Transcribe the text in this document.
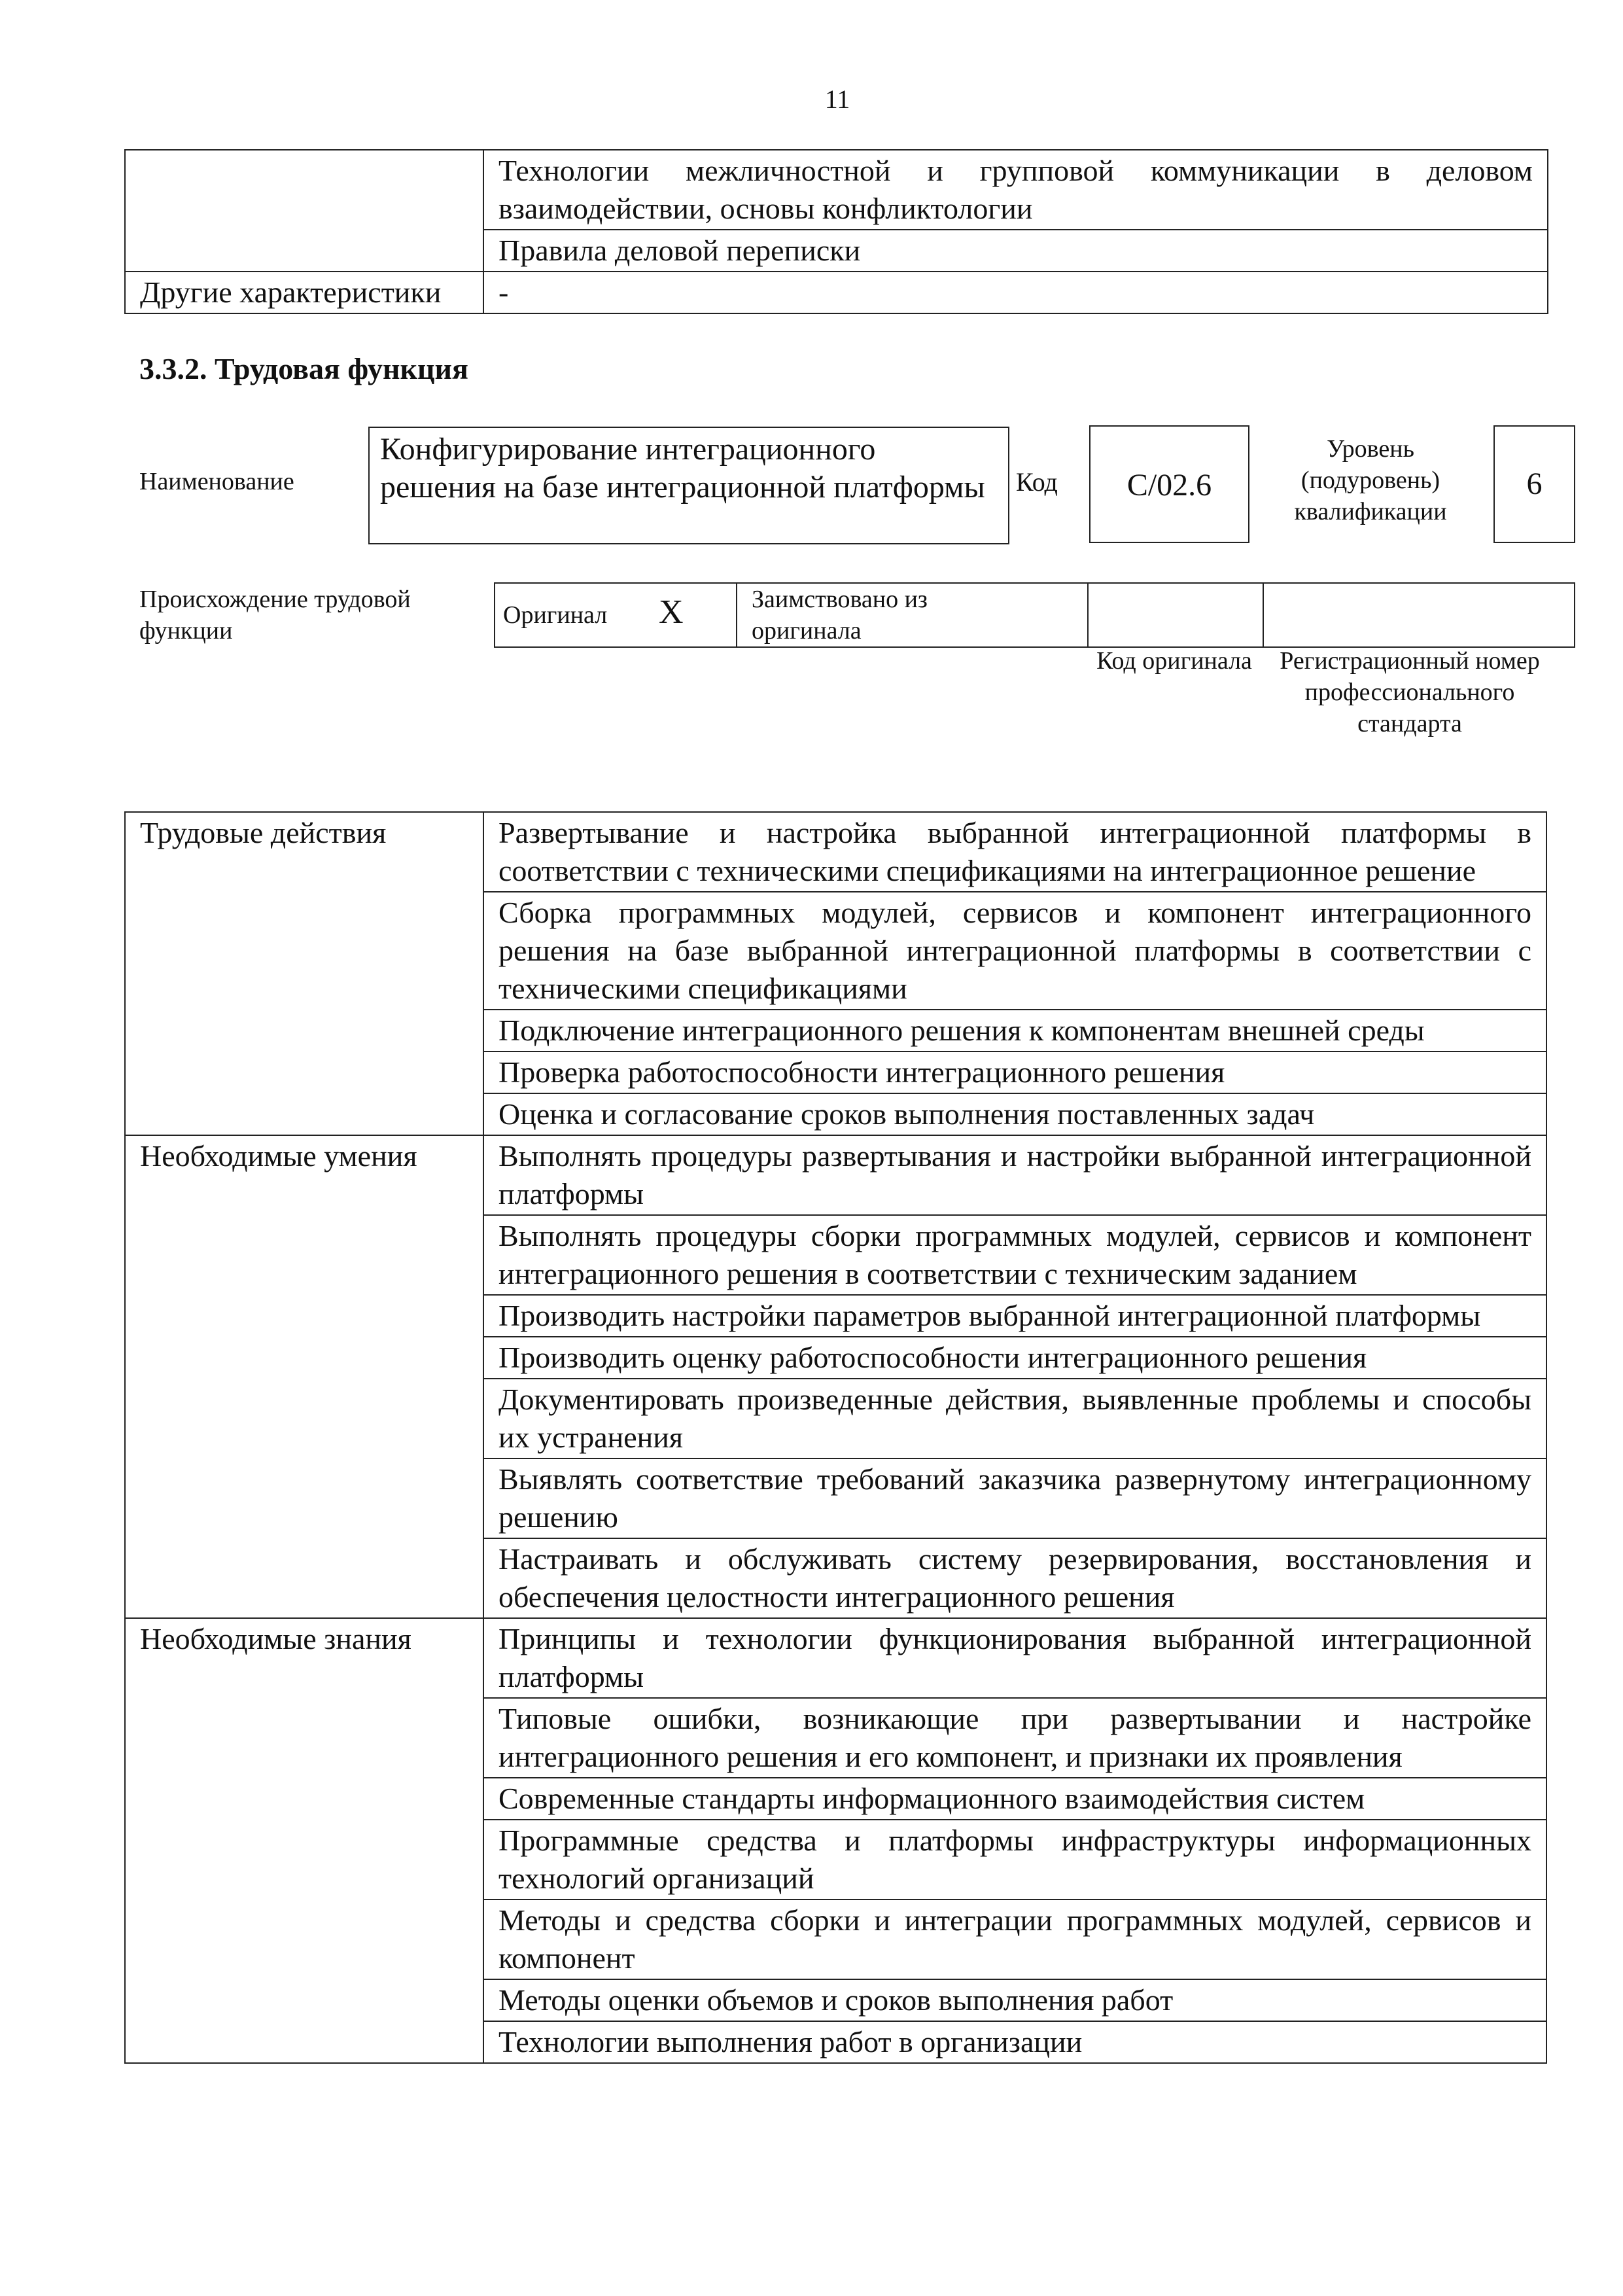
11
	Технологии межличностной и групповой коммуникации в деловом взаимодействии, основы конфликтологии
	Правила деловой переписки
Другие характеристики	-
3.3.2. Трудовая функция
Наименование
Конфигурирование интеграционного решения на базе интеграционной платформы	Код	С/02.6
Уровень
(подуровень)
квалификации
6
Происхождение трудовой функции
Оригинал X	Заимствовано из оригинала
Код оригинала	Регистрационный номер профессионального стандарта
Трудовые действия	Развертывание и настройка выбранной интеграционной платформы в соответствии с техническими спецификациями на интеграционное решение
	Сборка программных модулей, сервисов и компонент интеграционного решения на базе выбранной интеграционной платформы в соответствии с техническими спецификациями
	Подключение интеграционного решения к компонентам внешней среды
	Проверка работоспособности интеграционного решения
	Оценка и согласование сроков выполнения поставленных задач
Необходимые умения	Выполнять процедуры развертывания и настройки выбранной интеграционной платформы
	Выполнять процедуры сборки программных модулей, сервисов и компонент интеграционного решения в соответствии с техническим заданием
	Производить настройки параметров выбранной интеграционной платформы
	Производить оценку работоспособности интеграционного решения
	Документировать произведенные действия, выявленные проблемы и способы их устранения
	Выявлять соответствие требований заказчика развернутому интеграционному решению
	Настраивать и обслуживать систему резервирования, восстановления и обеспечения целостности интеграционного решения
Необходимые знания	Принципы и технологии функционирования выбранной интеграционной платформы
	Типовые ошибки, возникающие при развертывании и настройке интеграционного решения и его компонент, и признаки их проявления
	Современные стандарты информационного взаимодействия систем
	Программные средства и платформы инфраструктуры информационных технологий организаций
	Методы и средства сборки и интеграции программных модулей, сервисов и компонент
	Методы оценки объемов и сроков выполнения работ
	Технологии выполнения работ в организации
